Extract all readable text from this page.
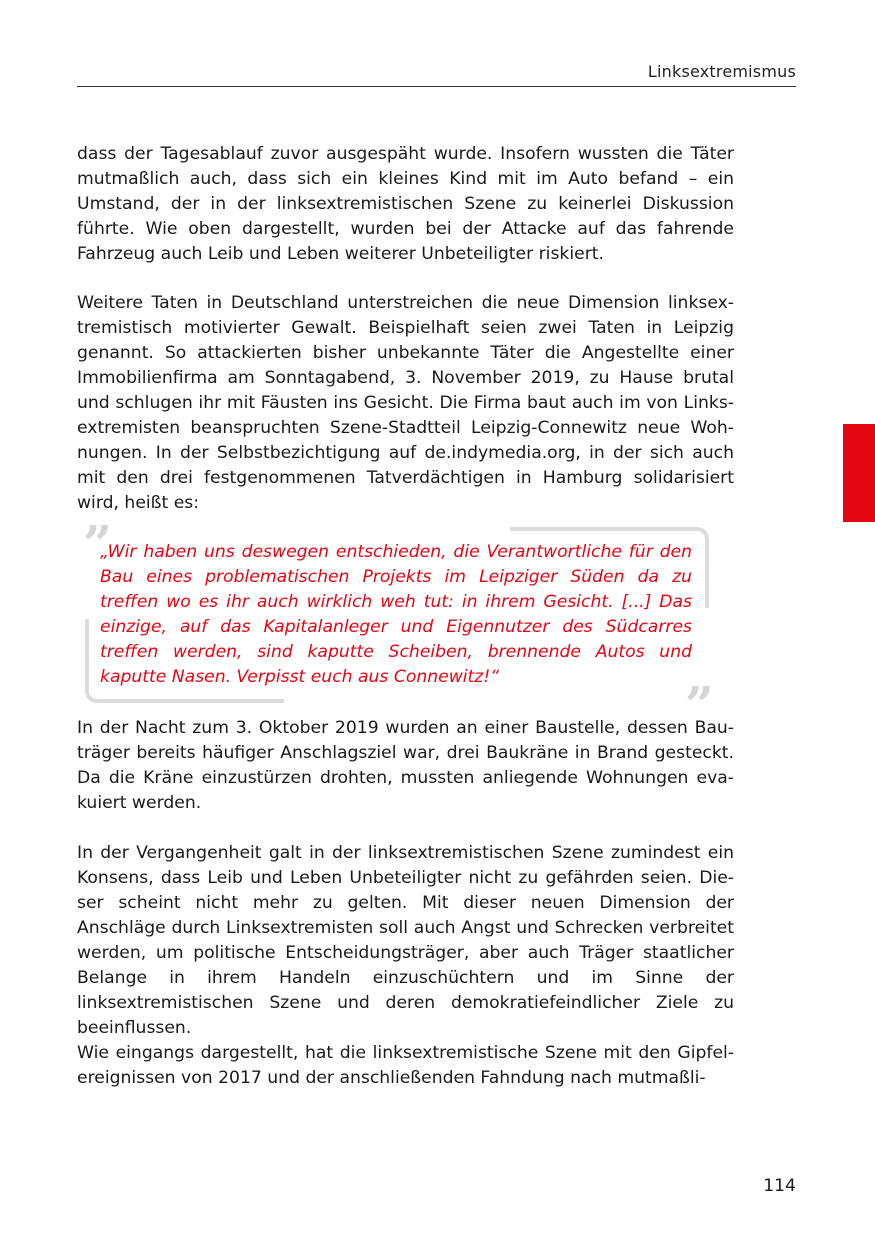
Linksextremismus

dass der Tagesablauf zuvor ausgespäht wurde. Insofern wussten die Täter mutmaßlich auch, dass sich ein kleines Kind mit im Auto befand – ein Umstand, der in der linksextremistischen Szene zu keinerlei Diskussion führte. Wie oben dargestellt, wurden bei der Attacke auf das fahrende Fahrzeug auch Leib und Leben weiterer Unbeteiligter riskiert.

Weitere Taten in Deutschland unterstreichen die neue Dimension linksextremistisch motivierter Gewalt. Beispielhaft seien zwei Taten in Leipzig genannt. So attackierten bisher unbekannte Täter die Angestellte einer Immobilienfirma am Sonntagabend, 3. November 2019, zu Hause brutal und schlugen ihr mit Fäusten ins Gesicht. Die Firma baut auch im von Linksextremisten beanspruchten Szene-Stadtteil Leipzig-Connewitz neue Wohnungen. In der Selbstbezichtigung auf de.indymedia.org, in der sich auch mit den drei festgenommenen Tatverdächtigen in Hamburg solidarisiert wird, heißt es:

”
”

„Wir haben uns deswegen entschieden, die Verantwortliche für den Bau eines problematischen Projekts im Leipziger Süden da zu treffen wo es ihr auch wirklich weh tut: in ihrem Gesicht. [...] Das einzige, auf das Kapitalanleger und Eigennutzer des Südcarres treffen werden, sind kaputte Scheiben, brennende Autos und kaputte Nasen. Verpisst euch aus Connewitz!“

In der Nacht zum 3. Oktober 2019 wurden an einer Baustelle, dessen Bauträger bereits häufiger Anschlagsziel war, drei Baukräne in Brand gesteckt. Da die Kräne einzustürzen drohten, mussten anliegende Wohnungen evakuiert werden.

In der Vergangenheit galt in der linksextremistischen Szene zumindest ein Konsens, dass Leib und Leben Unbeteiligter nicht zu gefährden seien. Dieser scheint nicht mehr zu gelten. Mit dieser neuen Dimension der Anschläge durch Linksextremisten soll auch Angst und Schrecken verbreitet werden, um politische Entscheidungsträger, aber auch Träger staatlicher Belange in ihrem Handeln einzuschüchtern und im Sinne der linksextremistischen Szene und deren demokratiefeindlicher Ziele zu beeinflussen.

Wie eingangs dargestellt, hat die linksextremistische Szene mit den Gipfelereignissen von 2017 und der anschließenden Fahndung nach mutmaßli-

114
